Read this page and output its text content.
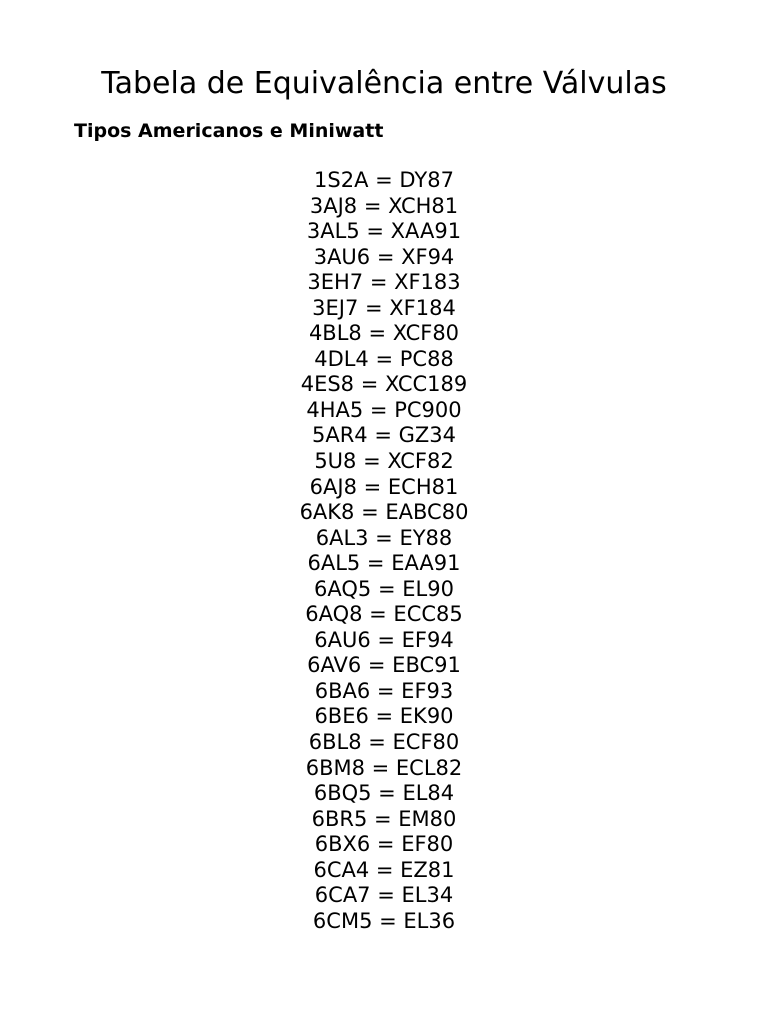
Tabela de Equivalência entre Válvulas
Tipos Americanos e Miniwatt
1S2A = DY87
3AJ8 = XCH81
3AL5 = XAA91
3AU6 = XF94
3EH7 = XF183
3EJ7 = XF184
4BL8 = XCF80
4DL4 = PC88
4ES8 = XCC189
4HA5 = PC900
5AR4 = GZ34
5U8 = XCF82
6AJ8 = ECH81
6AK8 = EABC80
6AL3 = EY88
6AL5 = EAA91
6AQ5 = EL90
6AQ8 = ECC85
6AU6 = EF94
6AV6 = EBC91
6BA6 = EF93
6BE6 = EK90
6BL8 = ECF80
6BM8 = ECL82
6BQ5 = EL84
6BR5 = EM80
6BX6 = EF80
6CA4 = EZ81
6CA7 = EL34
6CM5 = EL36
